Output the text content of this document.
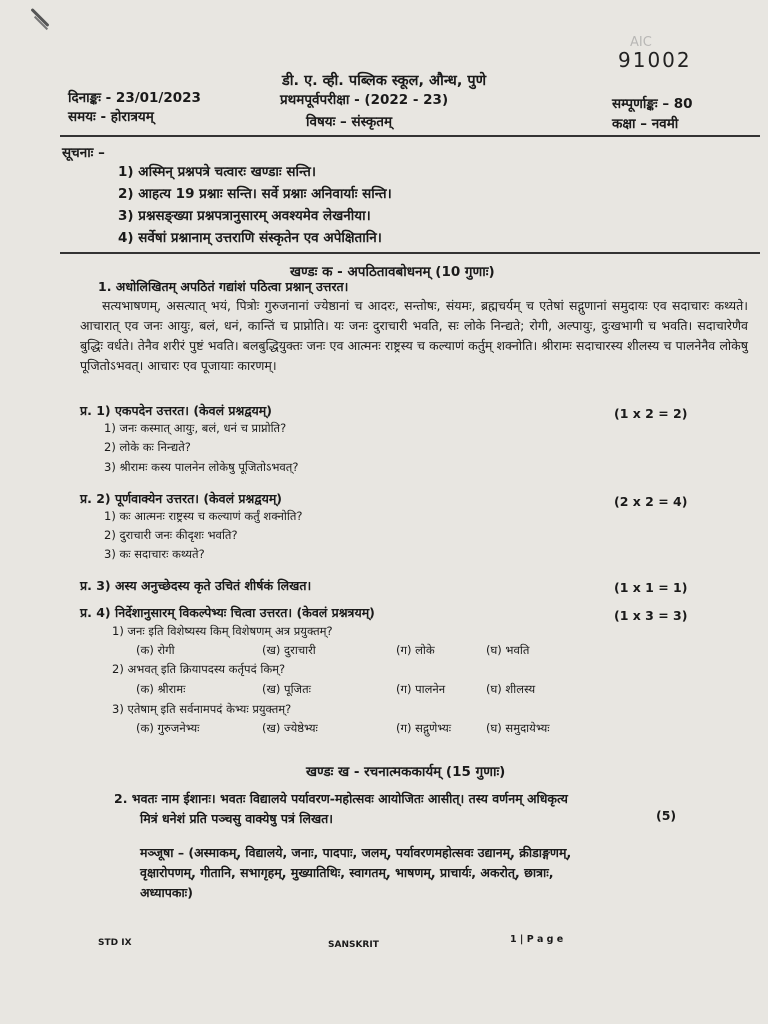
AIC
91002
डी. ए. व्ही. पब्लिक स्कूल, औन्ध, पुणे
दिनाङ्कः - 23/01/2023	प्रथमपूर्वपरीक्षा - (2022 - 23)	सम्पूर्णाङ्कः – 80
समयः - होरात्रयम्	विषयः – संस्कृतम्	कक्षा – नवमी
सूचनाः –
1) अस्मिन् प्रश्नपत्रे चत्वारः खण्डाः सन्ति।
2) आहत्य 19 प्रश्नाः सन्ति। सर्वे प्रश्नाः अनिवार्याः सन्ति।
3) प्रश्नसङ्ख्या प्रश्नपत्रानुसारम् अवश्यमेव लेखनीया।
4) सर्वेषां प्रश्नानाम् उत्तराणि संस्कृतेन एव अपेक्षितानि।
खण्डः क - अपठितावबोधनम् (10 गुणाः)
1. अधोलिखितम् अपठितं गद्यांशं पठित्वा प्रश्नान् उत्तरत।
सत्यभाषणम्, असत्यात् भयं, पित्रोः गुरुजनानां ज्येष्ठानां च आदरः, सन्तोषः, संयमः, ब्रह्मचर्यम् च एतेषां सद्गुणानां समुदायः एव सदाचारः कथ्यते। आचारात् एव जनः आयुः, बलं, धनं, कान्तिं च प्राप्नोति। यः जनः दुराचारी भवति, सः लोके निन्द्यते; रोगी, अल्पायुः, दुःखभागी च भवति। सदाचारेणैव बुद्धिः वर्धते। तेनैव शरीरं पुष्टं भवति। बलबुद्धियुक्तः जनः एव आत्मनः राष्ट्रस्य च कल्याणं कर्तुम् शक्नोति। श्रीरामः सदाचारस्य शीलस्य च पालनेनैव लोकेषु पूजितोऽभवत्। आचारः एव पूजायाः कारणम्।
प्र. 1) एकपदेन उत्तरत। (केवलं प्रश्नद्वयम्)	(1 x 2 = 2)
1) जनः कस्मात् आयुः, बलं, धनं च प्राप्नोति?
2) लोके कः निन्द्यते?
3) श्रीरामः कस्य पालनेन लोकेषु पूजितोऽभवत्?
प्र. 2) पूर्णवाक्येन उत्तरत। (केवलं प्रश्नद्वयम्)	(2 x 2 = 4)
1) कः आत्मनः राष्ट्रस्य च कल्याणं कर्तुं शक्नोति?
2) दुराचारी जनः कीदृशः भवति?
3) कः सदाचारः कथ्यते?
प्र. 3) अस्य अनुच्छेदस्य कृते उचितं शीर्षकं लिखत।	(1 x 1 = 1)
प्र. 4) निर्देशानुसारम् विकल्पेभ्यः चित्वा उत्तरत। (केवलं प्रश्नत्रयम्)	(1 x 3 = 3)
1) जनः इति विशेष्यस्य किम् विशेषणम् अत्र प्रयुक्तम्?
(क) रोगी	(ख) दुराचारी	(ग) लोके	(घ) भवति
2) अभवत् इति क्रियापदस्य कर्तृपदं किम्?
(क) श्रीरामः	(ख) पूजितः	(ग) पालनेन	(घ) शीलस्य
3) एतेषाम् इति सर्वनामपदं केभ्यः प्रयुक्तम्?
(क) गुरुजनेभ्यः	(ख) ज्येष्ठेभ्यः	(ग) सद्गुणेभ्यः	(घ) समुदायेभ्यः
खण्डः ख - रचनात्मककार्यम् (15 गुणाः)
2. भवतः नाम ईशानः। भवतः विद्यालये पर्यावरण-महोत्सवः आयोजितः आसीत्। तस्य वर्णनम् अधिकृत्य
मित्रं धनेशं प्रति पञ्चसु वाक्येषु पत्रं लिखत।	(5)
मञ्जूषा – (अस्माकम्, विद्यालये, जनाः, पादपाः, जलम्, पर्यावरणमहोत्सवः उद्यानम्, क्रीडाङ्गणम्,
वृक्षारोपणम्, गीतानि, सभागृहम्, मुख्यातिथिः, स्वागतम्, भाषणम्, प्राचार्यः, अकरोत्, छात्राः,
अध्यापकाः)
STD IX	SANSKRIT	1 | P a g e
